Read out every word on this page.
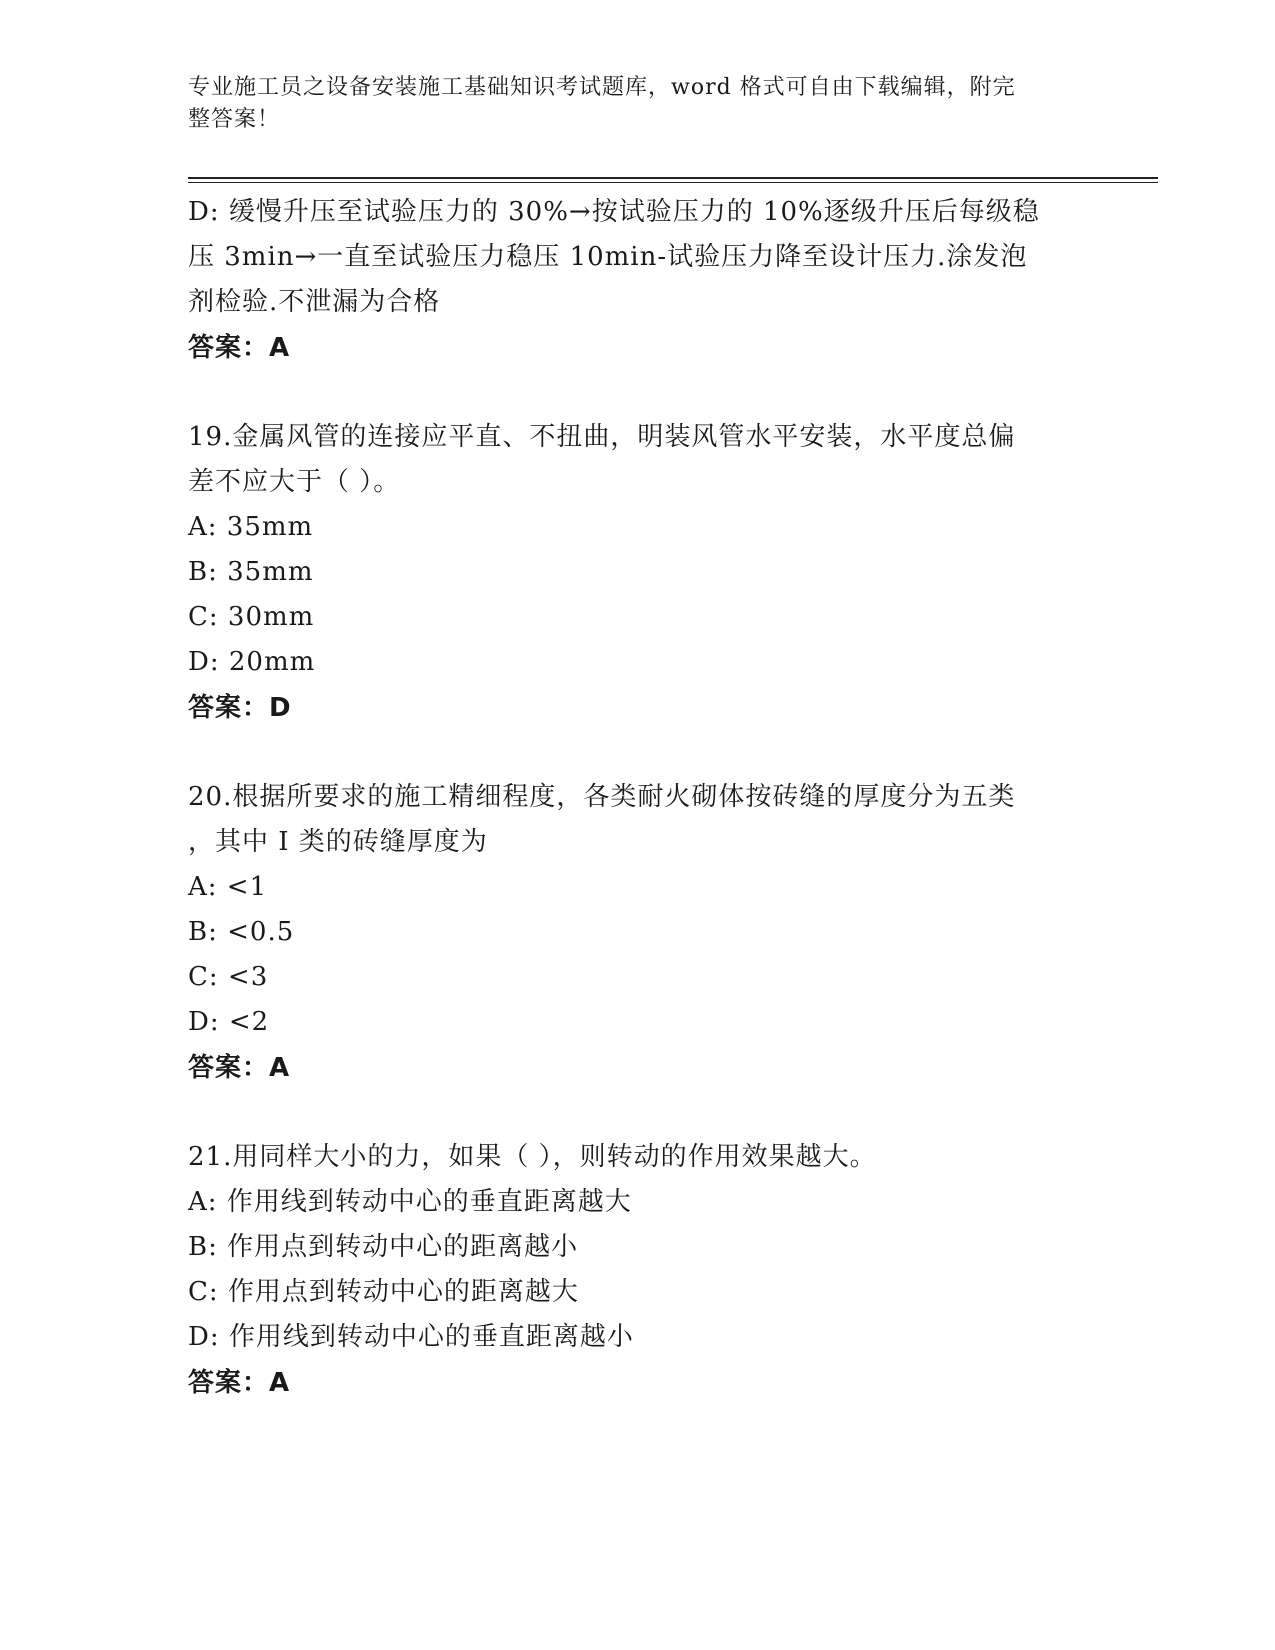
专业施工员之设备安装施工基础知识考试题库，word 格式可自由下载编辑，附完
整答案！
D: 缓慢升压至试验压力的 30%→按试验压力的 10%逐级升压后每级稳
压 3min→一直至试验压力稳压 10min-试验压力降至设计压力.涂发泡
剂检验.不泄漏为合格
答案：A
19.金属风管的连接应平直、不扭曲，明装风管水平安装，水平度总偏
差不应大于（ ）。
A: 35mm
B: 35mm
C: 30mm
D: 20mm
答案：D
20.根据所要求的施工精细程度，各类耐火砌体按砖缝的厚度分为五类
，其中 I 类的砖缝厚度为
A: <1
B: <0.5
C: <3
D: <2
答案：A
21.用同样大小的力，如果（ ），则转动的作用效果越大。
A: 作用线到转动中心的垂直距离越大
B: 作用点到转动中心的距离越小
C: 作用点到转动中心的距离越大
D: 作用线到转动中心的垂直距离越小
答案：A
